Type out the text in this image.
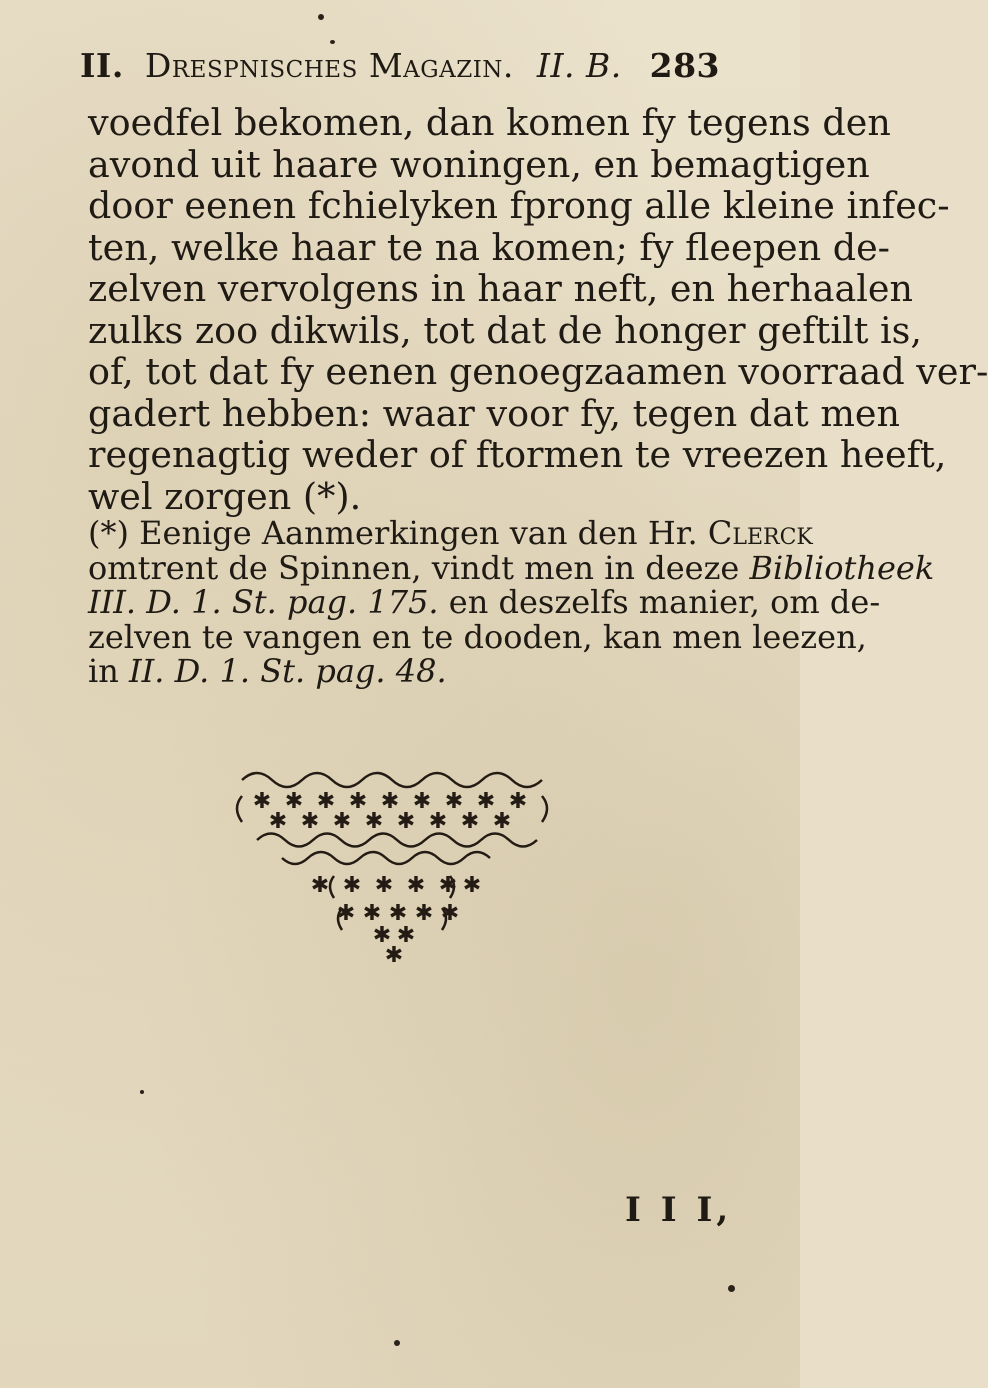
II. Drespnisches Magazin. II. B. 283
voedfel bekomen, dan komen fy tegens den
avond uit haare woningen, en bemagtigen
door eenen fchielyken fprong alle kleine infec-
ten, welke haar te na komen; fy fleepen de-
zelven vervolgens in haar neft, en herhaalen
zulks zoo dikwils, tot dat de honger geftilt is,
of, tot dat fy eenen genoegzaamen voorraad ver-
gadert hebben: waar voor fy, tegen dat men
regenagtig weder of ftormen te vreezen heeft,
wel zorgen (*).
(*) Eenige Aanmerkingen van den Hr. Clerck
omtrent de Spinnen, vindt men in deeze Bibliotheek
III. D. 1. St. pag. 175. en deszelfs manier, om de-
zelven te vangen en te dooden, kan men leezen,
in II. D. 1. St. pag. 48.
✱ ✱ ✱ ✱ ✱ ✱ ✱ ✱ ✱
✱ ✱ ✱ ✱ ✱ ✱ ✱ ✱
✱ ✱ ✱ ✱ ✱ ✱
✱ ✱ ✱ ✱ ✱
✱ ✱
✱
I I I,
